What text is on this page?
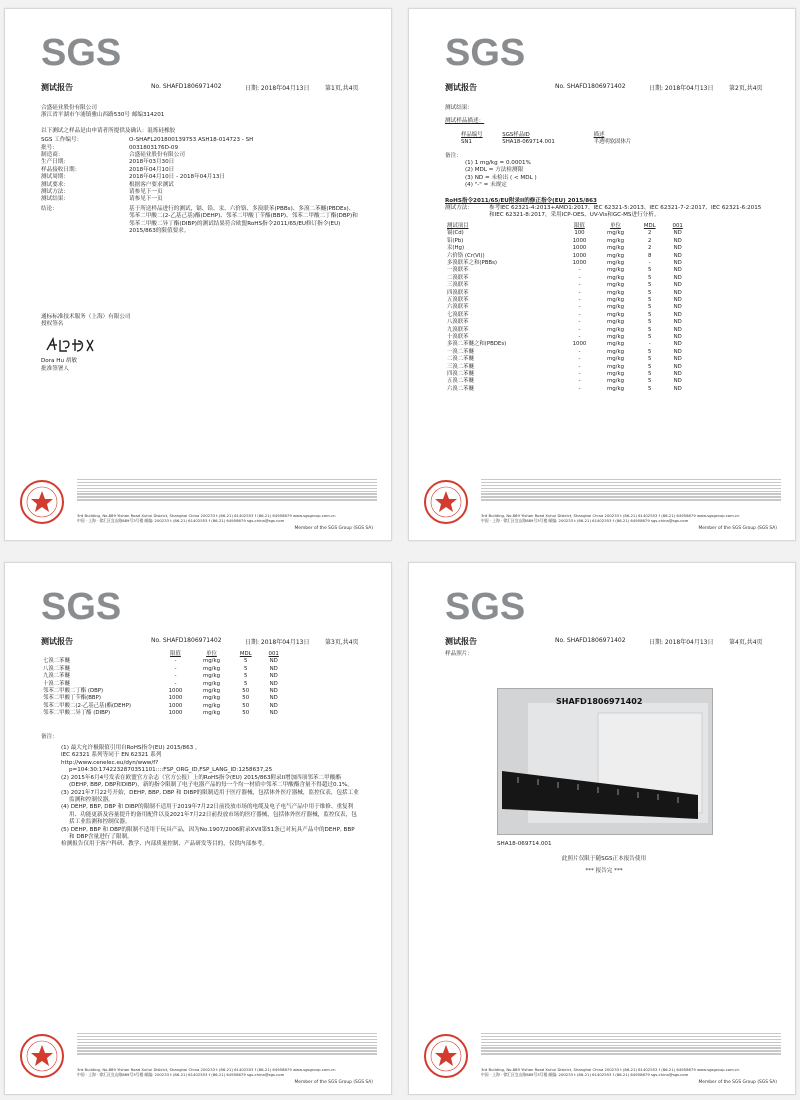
SGS
测试报告	No. SHAFD1806971402	日期: 2018年04月13日	第1页,共4页
合盛硅业股份有限公司
浙江省平湖市乍浦镇雅山西路530号 邮编314201
以下测试之样品是由申请者所提供及确认：混炼硅橡胶
SGS 工作编号：	O-SHAFL201800139753 ASH18-014723 - SH
批号：	0031803176D-09
制造商：	合盛硅业股份有限公司
生产日期：	2018年03月30日
样品接收日期：	2018年04月10日
测试周期：	2018年04月10日 - 2018年04月13日
测试要求：	根据客户要求测试
测试方法：	请参见下一页
测试结果：	请参见下一页
结论：	基于所送样品进行的测试，镉、铅、汞、六价铬、多溴联苯(PBBs)、多溴二苯醚(PBDEs)、邻苯二甲酸二(2-乙基己基)酯(DEHP)、邻苯二甲酸丁苄酯(BBP)、邻苯二甲酸二丁酯(DBP)和邻苯二甲酸二异丁酯(DIBP)的测试结果符合欧盟RoHS指令2011/65/EU修订指令(EU) 2015/863的限值要求。
通标标准技术服务（上海）有限公司
授权签名
Dora Hu 胡敏
批准签署人
3rd Building, No.889 Yishan Road Xuhui District, Shanghai China 200233 t (86-21) 61402553 f (86-21) 64958679 www.sgsgroup.com.cn
中国 · 上海 · 徐汇区宜山路889号3号楼 邮编: 200233 t (86-21) 61402553 f (86-21) 64958679 sgs.china@sgs.com
Member of the SGS Group (SGS SA)
SGS
测试报告	No. SHAFD1806971402	日期: 2018年04月13日	第2页,共4页
测试结果：
测试样品描述：
样品编号	SGS样品ID	描述
SN1	SHA18-069714.001	半透明软固体片
备注：
(1) 1 mg/kg = 0.0001%
(2) MDL = 方法检测限
(3) ND = 未检出 ( < MDL )
(4) "-" = 未规定
RoHS指令2011/65/EU附录II的修正指令(EU) 2015/863
测试方法：	参考IEC 62321-4:2013+AMD1:2017、IEC 62321-5:2013、IEC 62321-7-2:2017、IEC 62321-6:2015和IEC 62321-8:2017，采用ICP-OES、UV-Vis和GC-MS进行分析。
测试项目	限值	单位	MDL	001
镉(Cd)	100	mg/kg	2	ND
铅(Pb)	1000	mg/kg	2	ND
汞(Hg)	1000	mg/kg	2	ND
六价铬 (Cr(VI))	1000	mg/kg	8	ND
多溴联苯之和(PBBs)	1000	mg/kg	-	ND
一溴联苯	-	mg/kg	5	ND
二溴联苯	-	mg/kg	5	ND
三溴联苯	-	mg/kg	5	ND
四溴联苯	-	mg/kg	5	ND
五溴联苯	-	mg/kg	5	ND
六溴联苯	-	mg/kg	5	ND
七溴联苯	-	mg/kg	5	ND
八溴联苯	-	mg/kg	5	ND
九溴联苯	-	mg/kg	5	ND
十溴联苯	-	mg/kg	5	ND
多溴二苯醚之和(PBDEs)	1000	mg/kg	-	ND
一溴二苯醚	-	mg/kg	5	ND
二溴二苯醚	-	mg/kg	5	ND
三溴二苯醚	-	mg/kg	5	ND
四溴二苯醚	-	mg/kg	5	ND
五溴二苯醚	-	mg/kg	5	ND
六溴二苯醚	-	mg/kg	5	ND
3rd Building, No.889 Yishan Road Xuhui District, Shanghai China 200233 t (86-21) 61402553 f (86-21) 64958679 www.sgsgroup.com.cn
中国 · 上海 · 徐汇区宜山路889号3号楼 邮编: 200233 t (86-21) 61402553 f (86-21) 64958679 sgs.china@sgs.com
Member of the SGS Group (SGS SA)
SGS
测试报告	No. SHAFD1806971402	日期: 2018年04月13日	第3页,共4页
	限值	单位	MDL	001
七溴二苯醚	-	mg/kg	5	ND
八溴二苯醚	-	mg/kg	5	ND
九溴二苯醚	-	mg/kg	5	ND
十溴二苯醚	-	mg/kg	5	ND
邻苯二甲酸二丁酯 (DBP)	1000	mg/kg	50	ND
邻苯二甲酸丁苄酯(BBP)	1000	mg/kg	50	ND
邻苯二甲酸二(2-乙基己基)酯(DEHP)	1000	mg/kg	50	ND
邻苯二甲酸二异丁酯 (DIBP)	1000	mg/kg	50	ND
备注：

(1) 最大允许极限值引用自RoHS指令(EU) 2015/863 。

IEC 62321 系列等同于 EN 62321 系列

http://www.cenelec.eu/dyn/www/f?p=104:30:1742232870351101::::FSP_ORG_ID,FSP_LANG_ID:1258637,25

(2) 2015年6月4号发表在欧盟官方杂志（官方公报）上的RoHS指令(EU) 2015/863附录II增加四项邻苯二甲酸酯(DEHP, BBP, DBP和DIBP)，新的指令限制了电子电器产品的每一个均一材质中邻苯二甲酸酯含量不得超过0.1%。

(3) 2021年7月22号开始，DEHP, BBP, DBP 和 DIBP的限制适用于医疗器械，包括体外医疗器械，监控仪表，包括工业监测和控制仪器。

(4) DEHP, BBP, DBP 和 DIBP的限制不适用于2019年7月22日前投放市场的电缆及电子电气产品中用于维修、重复利用、功能更新及容量提升的备用配件以及2021年7月22日前投放市场的医疗器械，包括体外医疗器械，监控仪表，包括工业监测和控制仪器。

(5) DEHP, BBP 和 DBP的限制不适用于玩具产品，因为No.1907/2006附录XVII第51条已对玩具产品中的DEHP, BBP 和 DBP含量进行了限制。

检测报告仅用于客户科研、教学、内部质量控制、产品研发等目的，仅供内部参考。

3rd Building, No.889 Yishan Road Xuhui District, Shanghai China 200233 t (86-21) 61402553 f (86-21) 64958679 www.sgsgroup.com.cn
中国 · 上海 · 徐汇区宜山路889号3号楼 邮编: 200233 t (86-21) 61402553 f (86-21) 64958679 sgs.china@sgs.com
Member of the SGS Group (SGS SA)
SGS
测试报告	No. SHAFD1806971402	日期: 2018年04月13日	第4页,共4页
样品照片：
SHAFD1806971402
SHA18-069714.001
此照片仅限于随SGS正本报告使用
*** 报告完 ***
3rd Building, No.889 Yishan Road Xuhui District, Shanghai China 200233 t (86-21) 61402553 f (86-21) 64958679 www.sgsgroup.com.cn
中国 · 上海 · 徐汇区宜山路889号3号楼 邮编: 200233 t (86-21) 61402553 f (86-21) 64958679 sgs.china@sgs.com
Member of the SGS Group (SGS SA)
